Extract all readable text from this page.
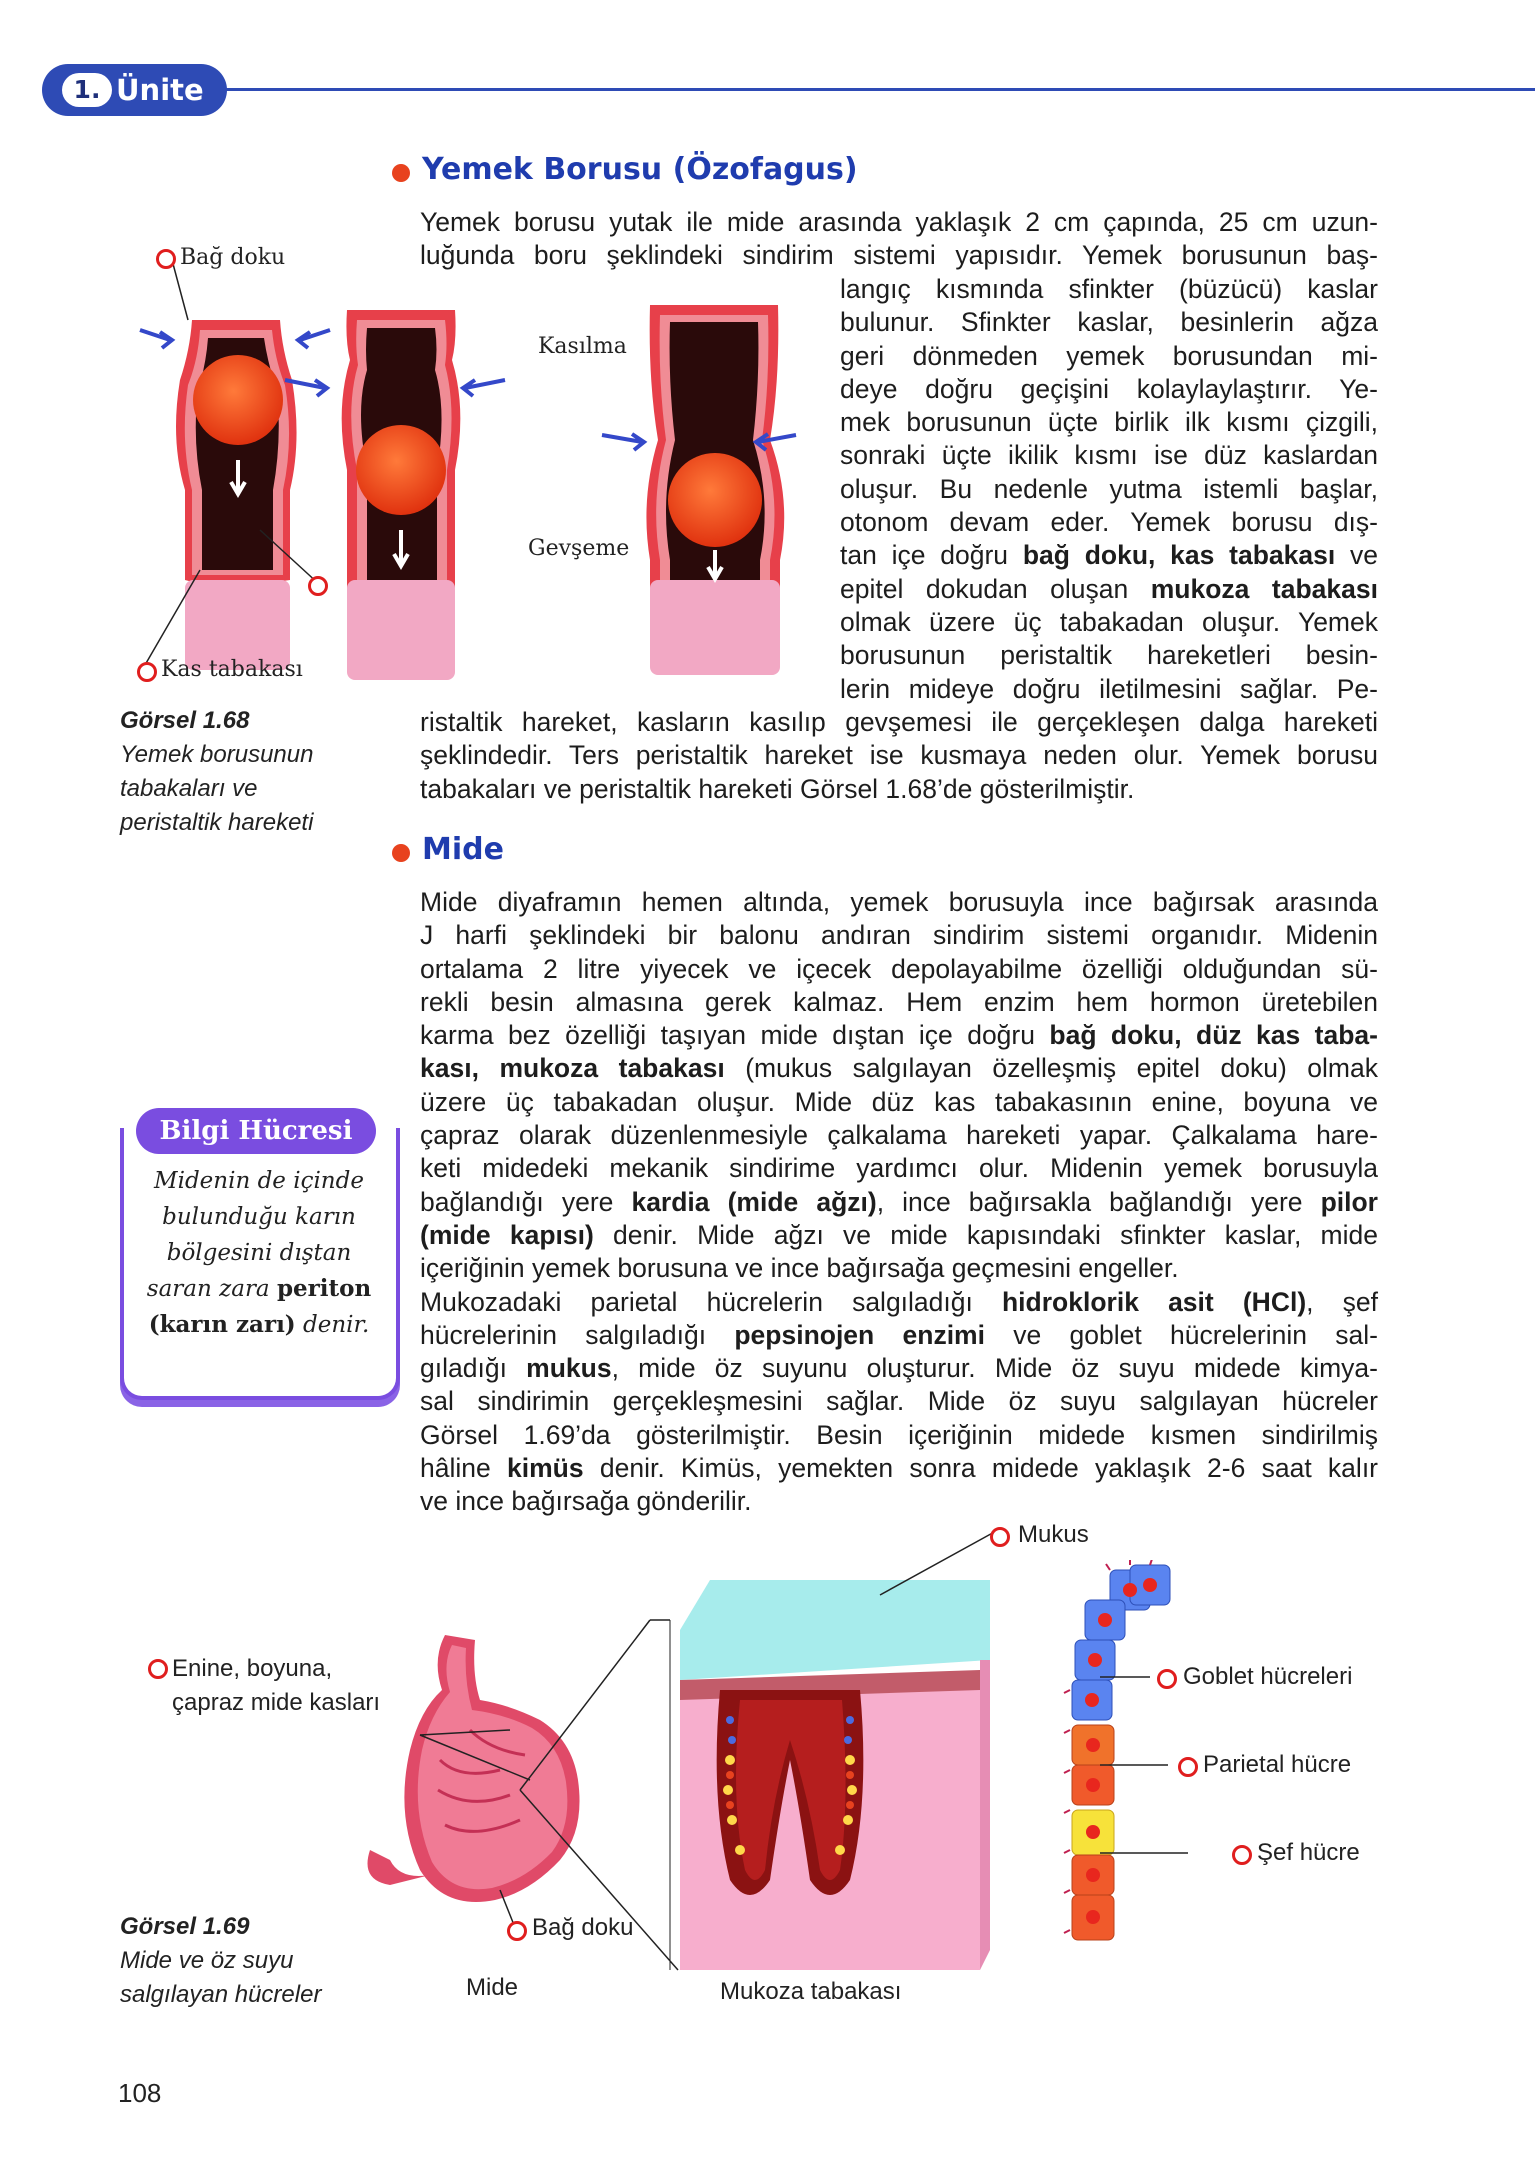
1. Ünite
Yemek Borusu (Özofagus)
Yemek borusu yutak ile mide arasında yaklaşık 2 cm çapında, 25 cm uzun-
luğunda boru şeklindeki sindirim sistemi yapısıdır. Yemek borusunun baş-
langıç kısmında sfinkter (büzücü) kaslar
bulunur. Sfinkter kaslar, besinlerin ağza
geri dönmeden yemek borusundan mi-
deye doğru geçişini kolaylaylaştırır. Ye-
mek borusunun üçte birlik ilk kısmı çizgili,
sonraki üçte ikilik kısmı ise düz kaslardan
oluşur. Bu nedenle yutma istemli başlar,
otonom devam eder. Yemek borusu dış-
tan içe doğru bağ doku, kas tabakası ve
epitel dokudan oluşan mukoza tabakası
olmak üzere üç tabakadan oluşur. Yemek
borusunun peristaltik hareketleri besin-
lerin mideye doğru iletilmesini sağlar. Pe-
ristaltik hareket, kasların kasılıp gevşemesi ile gerçekleşen dalga hareketi
şeklindedir. Ters peristaltik hareket ise kusmaya neden olur. Yemek borusu
tabakaları ve peristaltik hareketi Görsel 1.68’de gösterilmiştir.
Bağ doku
Kas tabakası
Kasılma
Gevşeme
Görsel 1.68
Yemek borusunun
tabakaları ve
peristaltik hareketi
Mide
Mide diyaframın hemen altında, yemek borusuyla ince bağırsak arasında
J harfi şeklindeki bir balonu andıran sindirim sistemi organıdır. Midenin
ortalama 2 litre yiyecek ve içecek depolayabilme özelliği olduğundan sü-
rekli besin almasına gerek kalmaz. Hem enzim hem hormon üretebilen
karma bez özelliği taşıyan mide dıştan içe doğru bağ doku, düz kas taba-
kası, mukoza tabakası (mukus salgılayan özelleşmiş epitel doku) olmak
üzere üç tabakadan oluşur. Mide düz kas tabakasının enine, boyuna ve
çapraz olarak düzenlenmesiyle çalkalama hareketi yapar. Çalkalama hare-
keti midedeki mekanik sindirime yardımcı olur. Midenin yemek borusuyla
bağlandığı yere kardia (mide ağzı), ince bağırsakla bağlandığı yere pilor
(mide kapısı) denir. Mide ağzı ve mide kapısındaki sfinkter kaslar, mide
içeriğinin yemek borusuna ve ince bağırsağa geçmesini engeller.
Mukozadaki parietal hücrelerin salgıladığı hidroklorik asit (HCl), şef
hücrelerinin salgıladığı pepsinojen enzimi ve goblet hücrelerinin sal-
gıladığı mukus, mide öz suyunu oluşturur. Mide öz suyu midede kimya-
sal sindirimin gerçekleşmesini sağlar. Mide öz suyu salgılayan hücreler
Görsel 1.69’da gösterilmiştir. Besin içeriğinin midede kısmen sindirilmiş
hâline kimüs denir. Kimüs, yemekten sonra midede yaklaşık 2-6 saat kalır
ve ince bağırsağa gönderilir.
Bilgi Hücresi
Midenin de içinde
bulunduğu karın
bölgesini dıştan
saran zara periton
(karın zarı) denir.
Mukus
Goblet hücreleri
Parietal hücre
Şef hücre
Enine, boyuna,
çapraz mide kasları
Bağ doku
Mide	Mukoza tabakası
Görsel 1.69
Mide ve öz suyu
salgılayan hücreler
108
